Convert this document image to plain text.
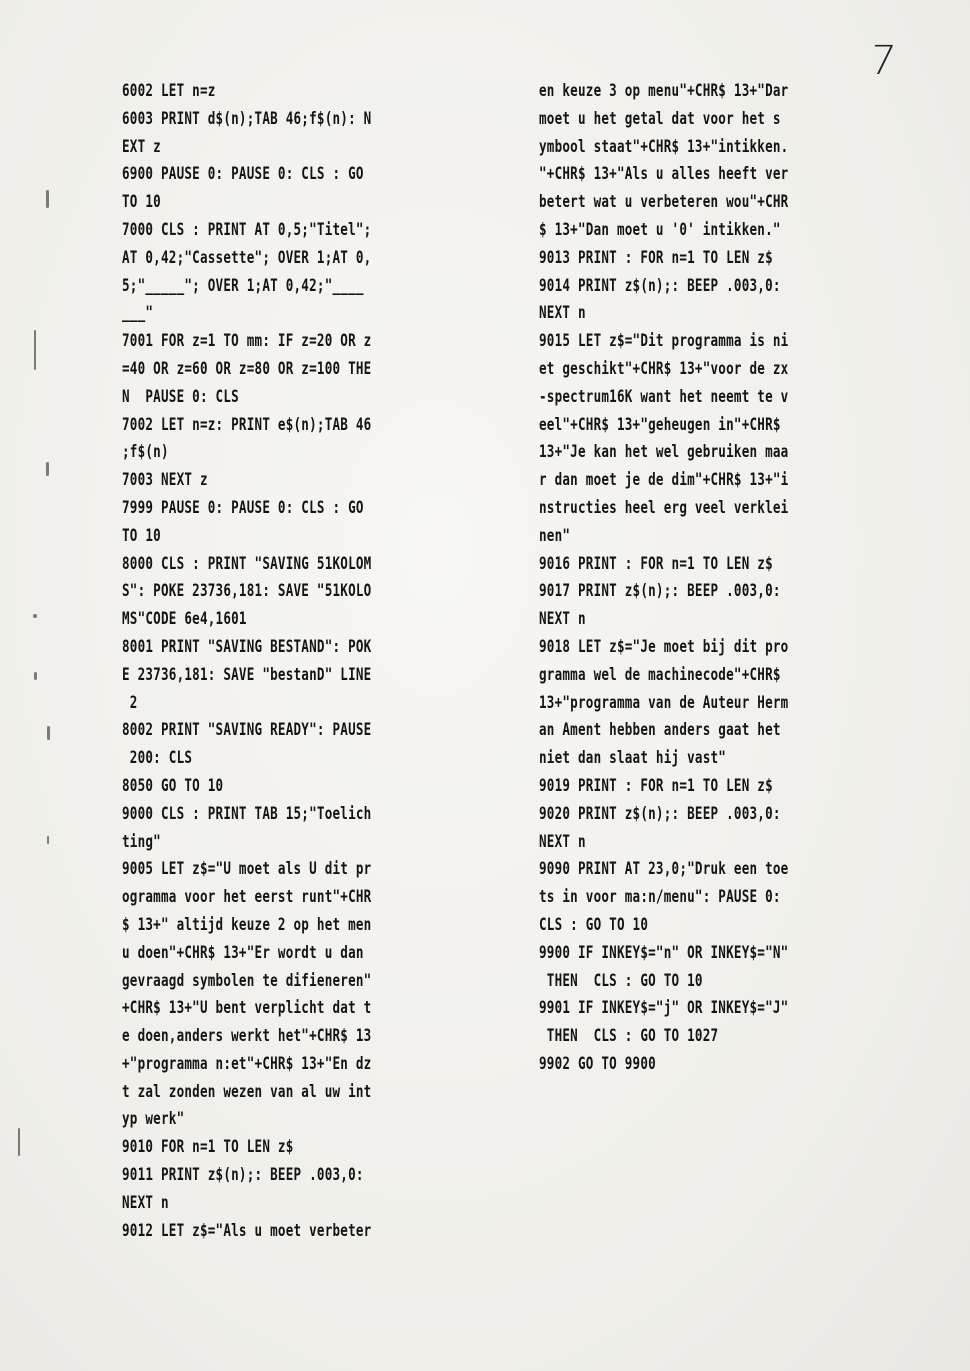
7
6002 LET n=z
6003 PRINT d$(n);TAB 46;f$(n): N
EXT z
6900 PAUSE 0: PAUSE 0: CLS : GO
TO 10
7000 CLS : PRINT AT 0,5;"Titel";
AT 0,42;"Cassette"; OVER 1;AT 0,
5;"_____"; OVER 1;AT 0,42;"____
___"
7001 FOR z=1 TO mm: IF z=20 OR z
=40 OR z=60 OR z=80 OR z=100 THE
N  PAUSE 0: CLS
7002 LET n=z: PRINT e$(n);TAB 46
;f$(n)
7003 NEXT z
7999 PAUSE 0: PAUSE 0: CLS : GO
TO 10
8000 CLS : PRINT "SAVING 51KOLOM
S": POKE 23736,181: SAVE "51KOLO
MS"CODE 6e4,1601
8001 PRINT "SAVING BESTAND": POK
E 23736,181: SAVE "bestanD" LINE
2
8002 PRINT "SAVING READY": PAUSE
200: CLS
8050 GO TO 10
9000 CLS : PRINT TAB 15;"Toelich
ting"
9005 LET z$="U moet als U dit pr
ogramma voor het eerst runt"+CHR
$ 13+" altijd keuze 2 op het men
u doen"+CHR$ 13+"Er wordt u dan
gevraagd symbolen te difieneren"
+CHR$ 13+"U bent verplicht dat t
e doen,anders werkt het"+CHR$ 13
+"programma n:et"+CHR$ 13+"En dz
t zal zonden wezen van al uw int
yp werk"
9010 FOR n=1 TO LEN z$
9011 PRINT z$(n);: BEEP .003,0:
NEXT n
9012 LET z$="Als u moet verbeter
en keuze 3 op menu"+CHR$ 13+"Dar
moet u het getal dat voor het s
ymbool staat"+CHR$ 13+"intikken.
"+CHR$ 13+"Als u alles heeft ver
betert wat u verbeteren wou"+CHR
$ 13+"Dan moet u '0' intikken."
9013 PRINT : FOR n=1 TO LEN z$
9014 PRINT z$(n);: BEEP .003,0:
NEXT n
9015 LET z$="Dit programma is ni
et geschikt"+CHR$ 13+"voor de zx
-spectrum16K want het neemt te v
eel"+CHR$ 13+"geheugen in"+CHR$
13+"Je kan het wel gebruiken maa
r dan moet je de dim"+CHR$ 13+"i
nstructies heel erg veel verklei
nen"
9016 PRINT : FOR n=1 TO LEN z$
9017 PRINT z$(n);: BEEP .003,0:
NEXT n
9018 LET z$="Je moet bij dit pro
gramma wel de machinecode"+CHR$
13+"programma van de Auteur Herm
an Ament hebben anders gaat het
niet dan slaat hij vast"
9019 PRINT : FOR n=1 TO LEN z$
9020 PRINT z$(n);: BEEP .003,0:
NEXT n
9090 PRINT AT 23,0;"Druk een toe
ts in voor ma:n/menu": PAUSE 0:
CLS : GO TO 10
9900 IF INKEY$="n" OR INKEY$="N"
THEN  CLS : GO TO 10
9901 IF INKEY$="j" OR INKEY$="J"
THEN  CLS : GO TO 1027
9902 GO TO 9900
